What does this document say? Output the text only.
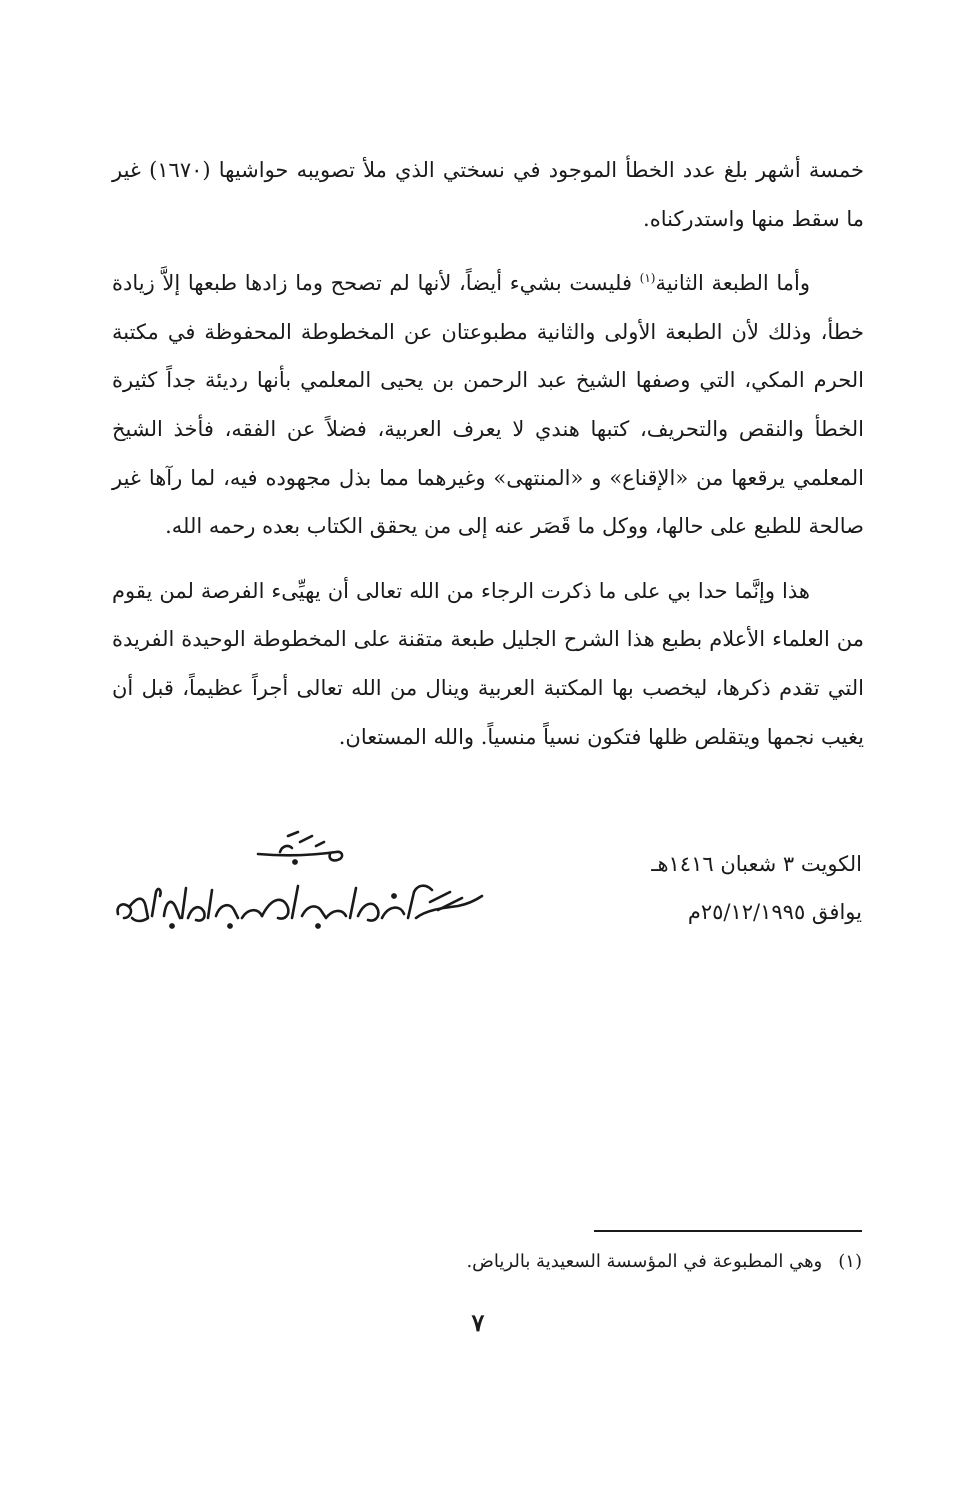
خمسة أشهر بلغ عدد الخطأ الموجود في نسختي الذي ملأ تصويبه حواشيها (١٦٧٠) غير ما سقط منها واستدركناه.

وأما الطبعة الثانية$^{(١)}$ فليست بشيء أيضاً، لأنها لم تصحح وما زادها طبعها إلاَّ زيادة خطأ، وذلك لأن الطبعة الأولى والثانية مطبوعتان عن المخطوطة المحفوظة في مكتبة الحرم المكي، التي وصفها الشيخ عبد الرحمن بن يحيى المعلمي بأنها رديئة جداً كثيرة الخطأ والنقص والتحريف، كتبها هندي لا يعرف العربية، فضلاً عن الفقه، فأخذ الشيخ المعلمي يرقعها من «الإقناع» و «المنتهى» وغيرهما مما بذل مجهوده فيه، لما رآها غير صالحة للطبع على حالها، ووكل ما قَصَر عنه إلى من يحقق الكتاب بعده رحمه الله.

هذا وإنَّما حدا بي على ما ذكرت الرجاء من الله تعالى أن يهيِّىء الفرصة لمن يقوم من العلماء الأعلام بطبع هذا الشرح الجليل طبعة متقنة على المخطوطة الوحيدة الفريدة التي تقدم ذكرها، ليخصب بها المكتبة العربية وينال من الله تعالى أجراً عظيماً، قبل أن يغيب نجمها ويتقلص ظلها فتكون نسياً منسياً. والله المستعان.

الكويت ٣ شعبان ١٤١٦هـ
يوافق ٢٥/١٢/١٩٩٥م
(١)وهي المطبوعة في المؤسسة السعيدية بالرياض.
٧
